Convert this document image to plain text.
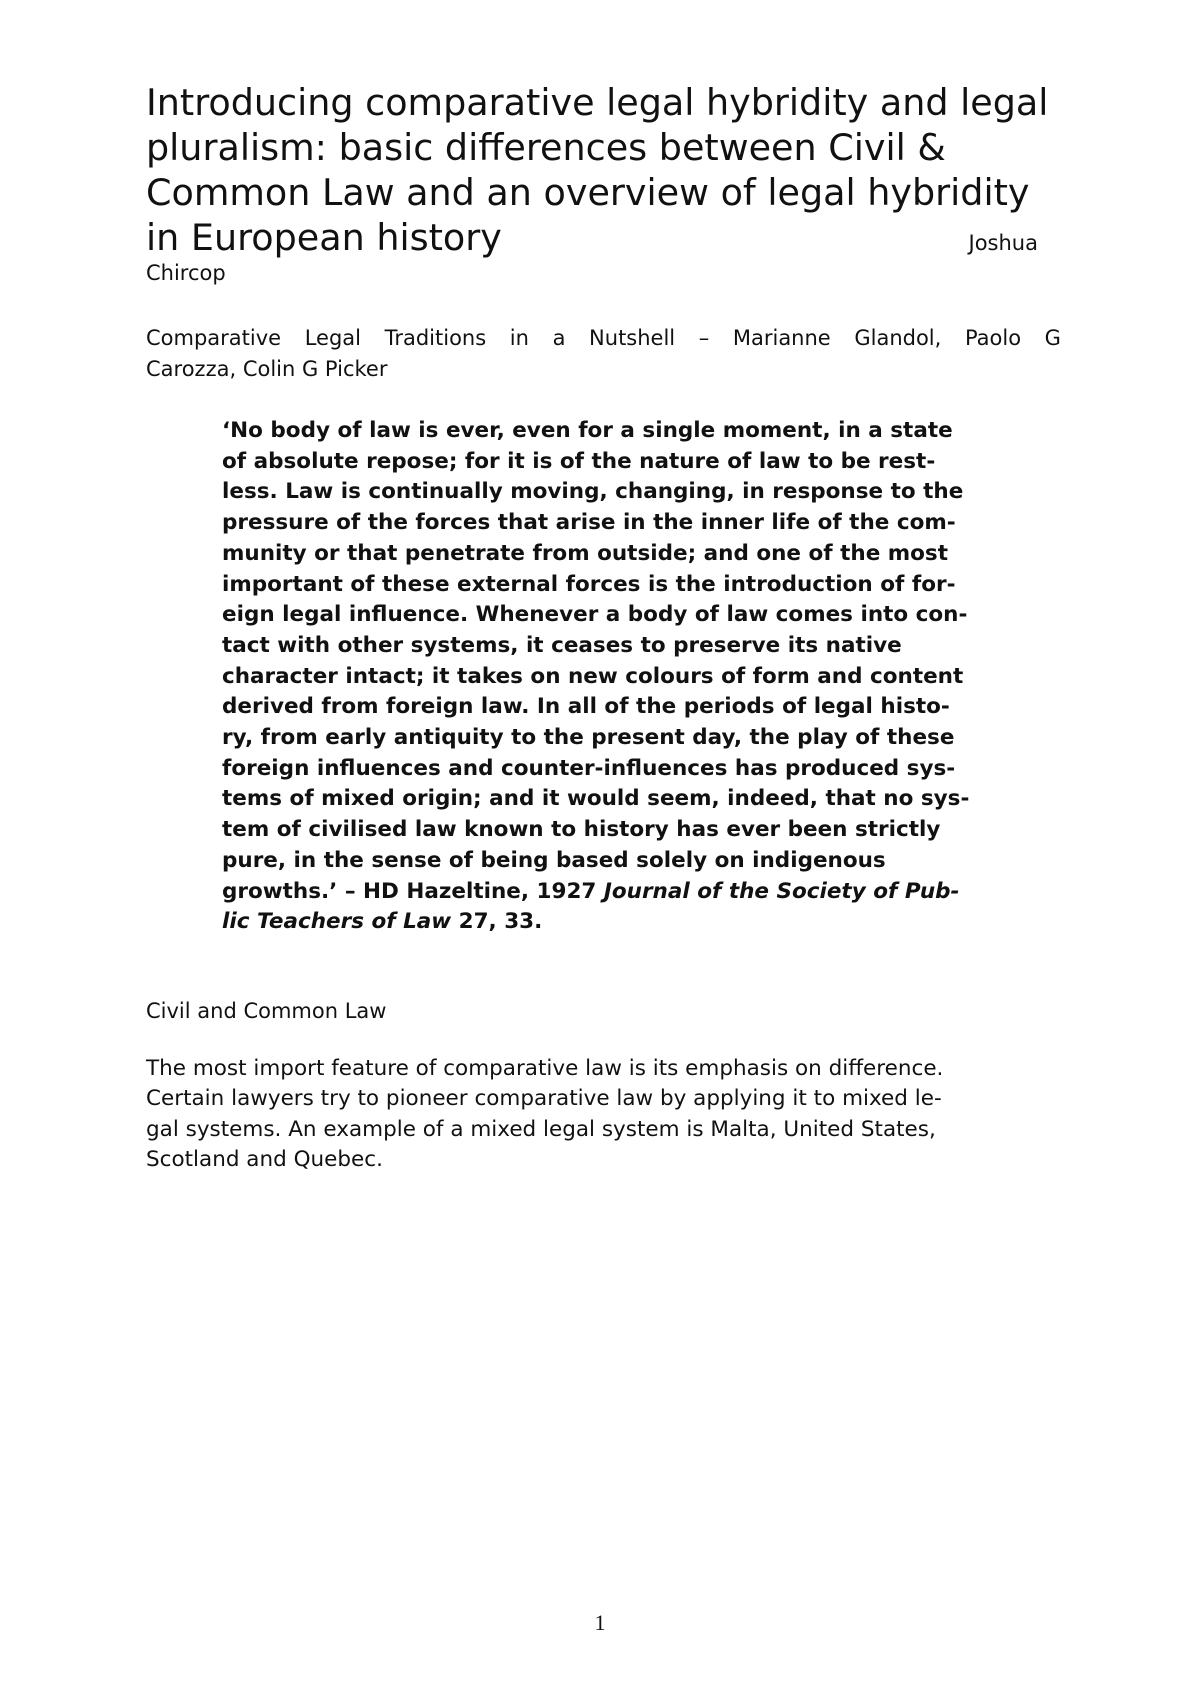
Introducing comparative legal hybridity and legal
pluralism: basic differences between Civil &
Common Law and an overview of legal hybridity
in European history	Joshua

Chircop

Comparative Legal Traditions in a Nutshell – Marianne Glandol, Paolo G
Carozza, Colin G Picker

‘No body of law is ever, even for a single moment, in a state
of absolute repose; for it is of the nature of law to be rest-
less. Law is continually moving, changing, in response to the
pressure of the forces that arise in the inner life of the com-
munity or that penetrate from outside; and one of the most
important of these external forces is the introduction of for-
eign legal influence. Whenever a body of law comes into con-
tact with other systems, it ceases to preserve its native
character intact; it takes on new colours of form and content
derived from foreign law. In all of the periods of legal histo-
ry, from early antiquity to the present day, the play of these
foreign influences and counter-influences has produced sys-
tems of mixed origin; and it would seem, indeed, that no sys-
tem of civilised law known to history has ever been strictly
pure, in the sense of being based solely on indigenous
growths.’ – HD Hazeltine, 1927 Journal of the Society of Pub-
lic Teachers of Law 27, 33.
Civil and Common Law

The most import feature of comparative law is its emphasis on difference.
Certain lawyers try to pioneer comparative law by applying it to mixed le-
gal systems. An example of a mixed legal system is Malta, United States,
Scotland and Quebec.

1
